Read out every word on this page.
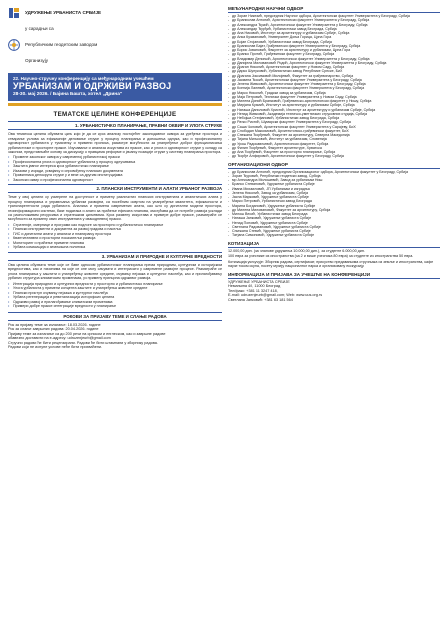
УДРУЖЕЊЕ УРБАНИСТА СРБИЈЕ
у сарадњи са
Републичким геодетским заводом
Организују
22. Научно-стручну конференцију са међународним учешћем
УРБАНИЗАМ И ОДРЖИВИ РАЗВОЈ
28-30. мај 2026. / Бајина Башта, хотел „Дрина"
ТЕМАТСКЕ ЦЕЛИНЕ КОНФЕРЕНЦИЈЕ
1. УРБАНИСТИЧКО ПЛАНИРАЊЕ, ПРАВНИ ОКВИР И УЛОГА СТРУКЕ
Ова тематска целина обухвата циљ који је да се кроз анализу постојећег законодавног оквира за уређење простора и стварање услова за ефикасније деловање струке у процесу планирања и доношења одлука, као и професионалну одговорност урбаниста у тумачењу и примени прописа, размотре могућности за унапређење доброг функционисања урбанистичке и просторне праксе. Изучавање и анализа искустава из праксе, као и улога и одговорност струке у складу са законом, представљаће основу за дискусију о правцима реформе и јачању позиције струке у систему планирања простора.
• Промене законског оквира у савременој урбанистичкој пракси
• Професионална улога и одговорност урбаниста у процесу одлучивања
• Заштита јавног интереса кроз урбанистичко планирање
• Изазови у изради, усвајању и спровођењу планских докумената
• Правилника делокруга струке у и везе са другим институцијама
• Законски оквир и професионална одговорност
2. ПЛАНСКИ ИНСТРУМЕНТИ И АЛАТИ УРБАНОГ РАЗВОЈА
Теме у овој целини су усмерене на доступност и примену различитих планских инструмената и аналитичких алата у процесу планирања и управљања урбаним развојем, са посебним освртом на унапређење квалитета, ефикасности и транспарентности рада урбаниста. Анализа и примена савремених алата, као што су дигитални модели простора, геоинформациони системи, базе података и алати за праћење ефеката планова, омогућава да се потребе развоја усклади са расположивим ресурсима и стратешким циљевима. Кроз размену искустава и примере добре праксе, разматраће се могућности за примену ових инструмената у свакодневној пракси.
• Стратегије, смернице и програми као подлоге за просторно и урбанистичко планирање
• Плански инструменти и документа за развој градова и насеља
• ГИС и дигитални алати у анализи и планирању простора
• Квантитативни и просторни показатељи развоја
• Мониторинг и праћење примене планова
• Урбана комасација и земљишна политика
3. УРБАНИЗАМ И ПРИРОДНЕ И КУЛТУРНЕ ВРЕДНОСТИ
Ова целина обухвата теме које се баве односом урбанистичког планирања према природним, културним и историјским вредностима, као и начинима на које се оне могу сачувати и интегрисати у савремене развојне процесе. Разматраће се улога планирања у заштити и унапређењу животне средине, очувању пејзажа и културног наслеђа, као и прилагођавању урбаних структура климатским променама, уз примену принципа одрживог развоја.
• Интеграција природних и културних вредности у просторно и урбанистичко планирање
• Улога урбаниста у примени концепта заштите и унапређења животне средине
• Плански приступ очувању пејзажа и културног наслеђа
• Урбана регенерација и ревитализација историјских целина
• Одрживи развој и прилагођавање климатским променама
• Примери добре праксе интеграције вредности у планирање
РОКОВИ ЗА ПРИЈАВУ ТЕМЕ И СЛАЊЕ РАДОВА
Рок за пријаву теме за излагање: 18.03.2026. године
Рок за слање завршних радова: 20.04.2026. године
Пријаву теме за излагање са до 200 речи на српском и енглеском, као и завршне радове
обавезно доставити на е-адресу: udruzenjeurb@gmail.com
Стручни радови ће бити рецензирани. Радови ће бити штампани у зборнику радова.
Радови који не испуне услове неће бити прихваћени.
МЕЂУНАРОДНИ НАУЧНИ ОДБОР
- др Зоран Никезић, председник Научног одбора, Архитектонски факултет Универзитета у Београду, Србија
- др Бранислав Антонић, Архитектонски факултет Универзитета у Београду, Србија
- др Александра Ђукић, Архитектонски факултет Универзитета у Београду, Србија
- др Александар Ђурђић, Урбанистички завод Београда, Србија
- др Ана Никовић, Институт за архитектуру и урбанизам Србије, Србија
- др Анка Кузмановић, Универзитет Доња Горица, Црна Гора
- др Бојан Стојановић, Урбанистички завод Београда, Србија
- др Бранислав Бајат, Грађевински факултет Универзитета у Београду, Србија
- др Борис Јовановић, Факултет за архитектуру и урбанизам, Црна Гора
- др Бранко Протић, Грађевински факултет у Београду, Србија
- др Владимир Депоњић, Архитектонски факултет Универзитета у Београду, Србија
- др Данијела Миловановић Родић, Архитектонски факултет Универзитета у Београду, Србија
- др Драган Николић, Архитектонски факултет у Новом Саду, Србија
- др Дарко Шупуковић, Урбанистички завод Републике Српске, БиХ
- др Драгана Јоксимовић Милојевић, Факултет за грађевинарство, Србија
- др Јасмина Ђокић, Архитектонски факултет Универзитета у Београду, Србија
- др Јелена Живковић, Архитектонски факултет Универзитета у Београду, Србија
- др Ксенија Лалевић, Архитектонски факултет Универзитета у Београду, Србија
- др Марко Николић, Градски завод за урбанизам, Србија
- др Маја Петровић, Технички факултет Универзитета у Новом Саду, Србија
- др Милена Динић Бранковић, Грађевинско-архитектонски факултет у Нишу, Србија
- др Мирјана Кузмић, Институт за архитектуру и урбанизам Србије, Србија
- др Наташа Даниловић Христић, Институт за архитектуру и урбанизам Србије, Србија
- др Ненад Живковић, Академија техничко-уметничких струковних студија, Србија
- др Небојша Стефановић, Урбанистички завод Београда, Србија
- др Ратко Ристић, Шумарски факултет Универзитета у Београду, Србија
- др Саша Чоловић, Архитектонски факултет Универзитета у Сарајеву, БиХ
- др Слободан Максимовић, Архитектонско-грађевински факултет, БиХ
- др Снежана Ђорђевић, Факултет за архитектуру, Северна Македонија
- др Тијана Миљковић, Институт за урбанизам, Словенија
- др Урош Радосављевић, Архитектонски факултет, Србија
- др Филип Ђорђевић, Факултет архитектуре, Хрватска
- др Ана Ђорђевић, Факултет за просторно планирање, Србија
- др Ђорђе Алфировић, Архитектонски факултет у Београду, Србија
ОРГАНИЗАЦИОНИ ОДБОР
- др Бранислав Антонић, председник Организационог одбора, Архитектонски факултет у Београду, Србија
- Зоран Ђуровић, Републички геодетски завод, Србија
- мр Александра Милошевић, Завод за урбанизам Ниш
- Бранко Стевановић, Удружење урбаниста Србије
- Ивана Михаиловић, ЈП Урбанизам и изградња
- Јелена Николић, Завод за урбанизам, Србија
- Јасна Марковић, Удружење урбаниста Србије
- Марко Петровић, Урбанистички завод Београда
- Марина Богдановић, Удружење урбаниста Србије
- др Милена Миловановић, Факултет за архитектуру, Србија
- Милош Весић, Урбанистички завод Београда
- Наташа Јанковић, Удружење урбаниста Србије
- Ненад Поповић, Удружење урбаниста Србије
- Светлана Радовановић, Удружење урбаниста Србије
- Сњежана Стевић, Удружење урбаниста Србије
- Татјана Симоновић, Удружење урбаниста Србије
КОТИЗАЦИЈА
12.000,00 дин. (за чланове удружења 10.000,00 дин.), за студенте 6.000,00 дин.
100 евра за учеснике из иностранства (за 2 и више учесника 80 евра) за студенте из иностранства 50 евра.
Котизација укључује: Зборник радова, сертификат, присуство предавањима стручњака из земље и иностранства, кафе паузе током скупа, посету музеју националног парка и организовану екскурзију.
ИНФОРМАЦИЈА И ПРИЈАВА ЗА УЧЕШЋЕ НА КОНФЕРЕНЦИЈИ
УДРУЖЕЊЕ УРБАНИСТА СРБИЈЕ
Немањина 4/I, 11000 Београд
Тел/факс: +381 11 3247 418,
Е-mail: udruzenjeurb@gmail.com; Web: www.uus.org.rs
Светлана Јанковић: +381 63 181 564
